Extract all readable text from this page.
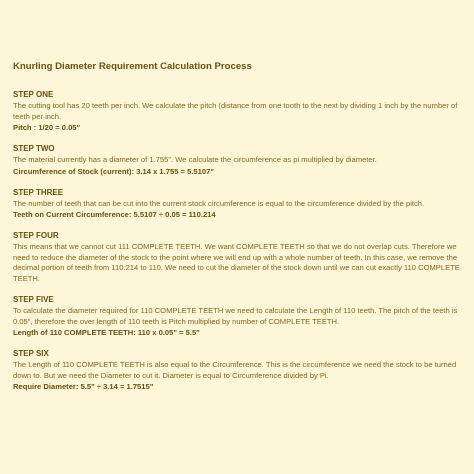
Knurling Diameter Requirement Calculation Process
STEP ONE
The cutting tool has 20 teeth per inch. We calculate the pitch (distance from one tooth to the next by dividing 1 inch by the number of teeth per inch.
Pitch : 1/20 = 0.05"
STEP TWO
The material currently has a diameter of 1.755". We calculate the circumference as pi multiplied by diameter.
Circumference of Stock (current): 3.14 x 1.755 = 5.5107"
STEP THREE
The number of teeth that can be cut into the current stock circumference is equal to the circumference divided by the pitch.
Teeth on Current Circumference: 5.5107 ÷ 0.05 = 110.214
STEP FOUR
This means that we cannot cut 111 COMPLETE TEETH. We want COMPLETE TEETH so that we do not overlap cuts. Therefore we need to reduce the diameter of the stock to the point where we will end up with a whole number of teeth. In this case, we remove the decimal portion of teeth from 110.214 to 110. We need to cut the diameter of the stock down until we can cut exactly 110 COMPLETE TEETH.
STEP FIVE
To calculate the diameter required for 110 COMPLETE TEETH we need to calculate the Length of 110 teeth. The pitch of the teeth is 0.05", therefore the over length of 110 teeth is Pitch multiplied by number of COMPLETE TEETH.
Length of 110 COMPLETE TEETH: 110 x 0.05" = 5.5"
STEP SIX
The Length of 110 COMPLETE TEETH is also equal to the Circumference. This is the circumference we need the stock to be turned down to. But we need the Diameter to cut it. Diameter is equal to Circumference divided by Pi.
Require Diameter: 5.5" ÷ 3.14 = 1.7515"
